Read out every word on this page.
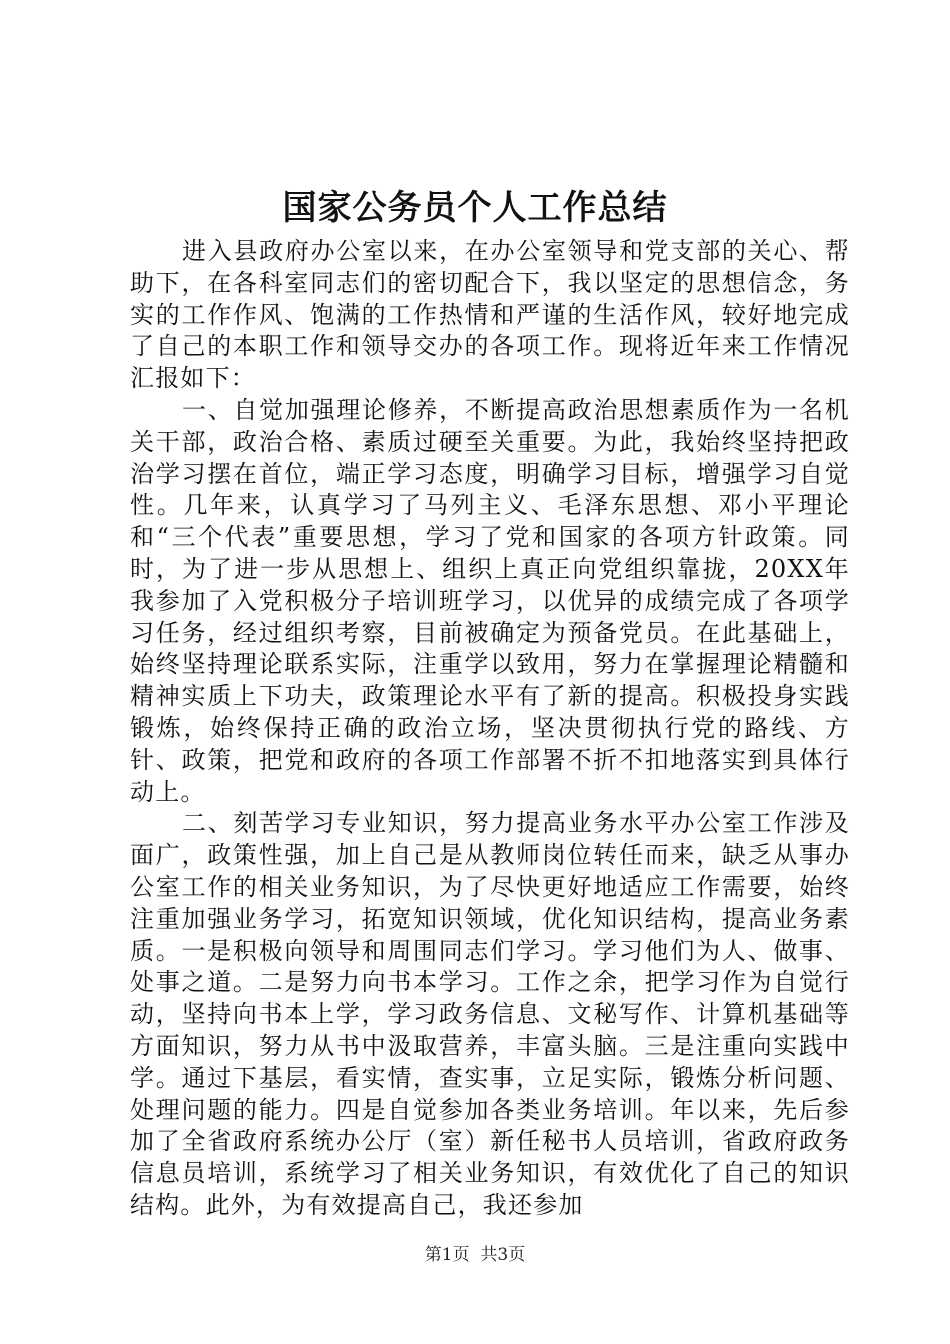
国家公务员个人工作总结

进入县政府办公室以来，在办公室领导和党支部的关心、帮助下，在各科室同志们的密切配合下，我以坚定的思想信念，务实的工作作风、饱满的工作热情和严谨的生活作风，较好地完成了自己的本职工作和领导交办的各项工作。现将近年来工作情况汇报如下：

一、自觉加强理论修养，不断提高政治思想素质作为一名机关干部，政治合格、素质过硬至关重要。为此，我始终坚持把政治学习摆在首位，端正学习态度，明确学习目标，增强学习自觉性。几年来，认真学习了马列主义、毛泽东思想、邓小平理论和“三个代表”重要思想，学习了党和国家的各项方针政策。同时，为了进一步从思想上、组织上真正向党组织靠拢，20XX年我参加了入党积极分子培训班学习，以优异的成绩完成了各项学习任务，经过组织考察，目前被确定为预备党员。在此基础上，始终坚持理论联系实际，注重学以致用，努力在掌握理论精髓和精神实质上下功夫，政策理论水平有了新的提高。积极投身实践锻炼，始终保持正确的政治立场，坚决贯彻执行党的路线、方针、政策，把党和政府的各项工作部署不折不扣地落实到具体行动上。

二、刻苦学习专业知识，努力提高业务水平办公室工作涉及面广，政策性强，加上自己是从教师岗位转任而来，缺乏从事办公室工作的相关业务知识，为了尽快更好地适应工作需要，始终注重加强业务学习，拓宽知识领域，优化知识结构，提高业务素质。一是积极向领导和周围同志们学习。学习他们为人、做事、处事之道。二是努力向书本学习。工作之余，把学习作为自觉行动，坚持向书本上学，学习政务信息、文秘写作、计算机基础等方面知识，努力从书中汲取营养，丰富头脑。三是注重向实践中学。通过下基层，看实情，查实事，立足实际，锻炼分析问题、处理问题的能力。四是自觉参加各类业务培训。年以来，先后参加了全省政府系统办公厅（室）新任秘书人员培训，省政府政务信息员培训，系统学习了相关业务知识，有效优化了自己的知识结构。此外，为有效提高自己，我还参加

第1页  共3页
